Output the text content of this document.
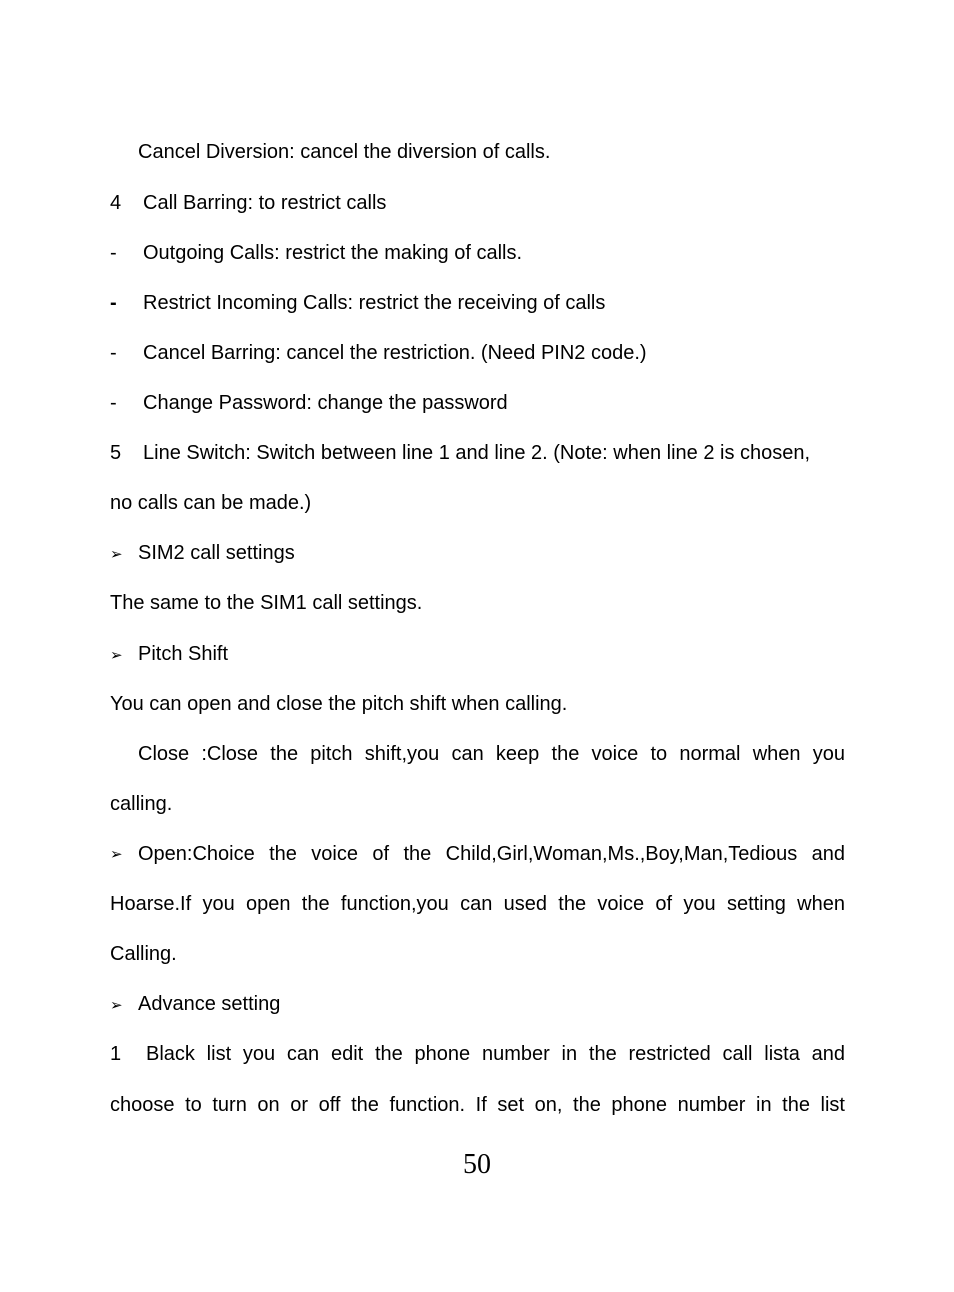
Cancel Diversion: cancel the diversion of calls.
4 Call Barring: to restrict calls
- Outgoing Calls: restrict the making of calls.
- Restrict Incoming Calls: restrict the receiving of calls
- Cancel Barring: cancel the restriction. (Need PIN2 code.)
- Change Password: change the password
5 Line Switch: Switch between line 1 and line 2. (Note: when line 2 is chosen,
no calls can be made.)
➢ SIM2 call settings
The same to the SIM1 call settings.
➢ Pitch Shift
You can open and close the pitch shift when calling.
Close :Close the pitch shift,you can keep the voice to normal when you
calling.
➢ Open:Choice the voice of the Child,Girl,Woman,Ms.,Boy,Man,Tedious and
Hoarse.If you open the function,you can used the voice of you setting when
Calling.
➢ Advance setting
1	Black list you can edit the phone number in the restricted call lista and
choose to turn on or off the function. If set on, the phone number in the list
50
